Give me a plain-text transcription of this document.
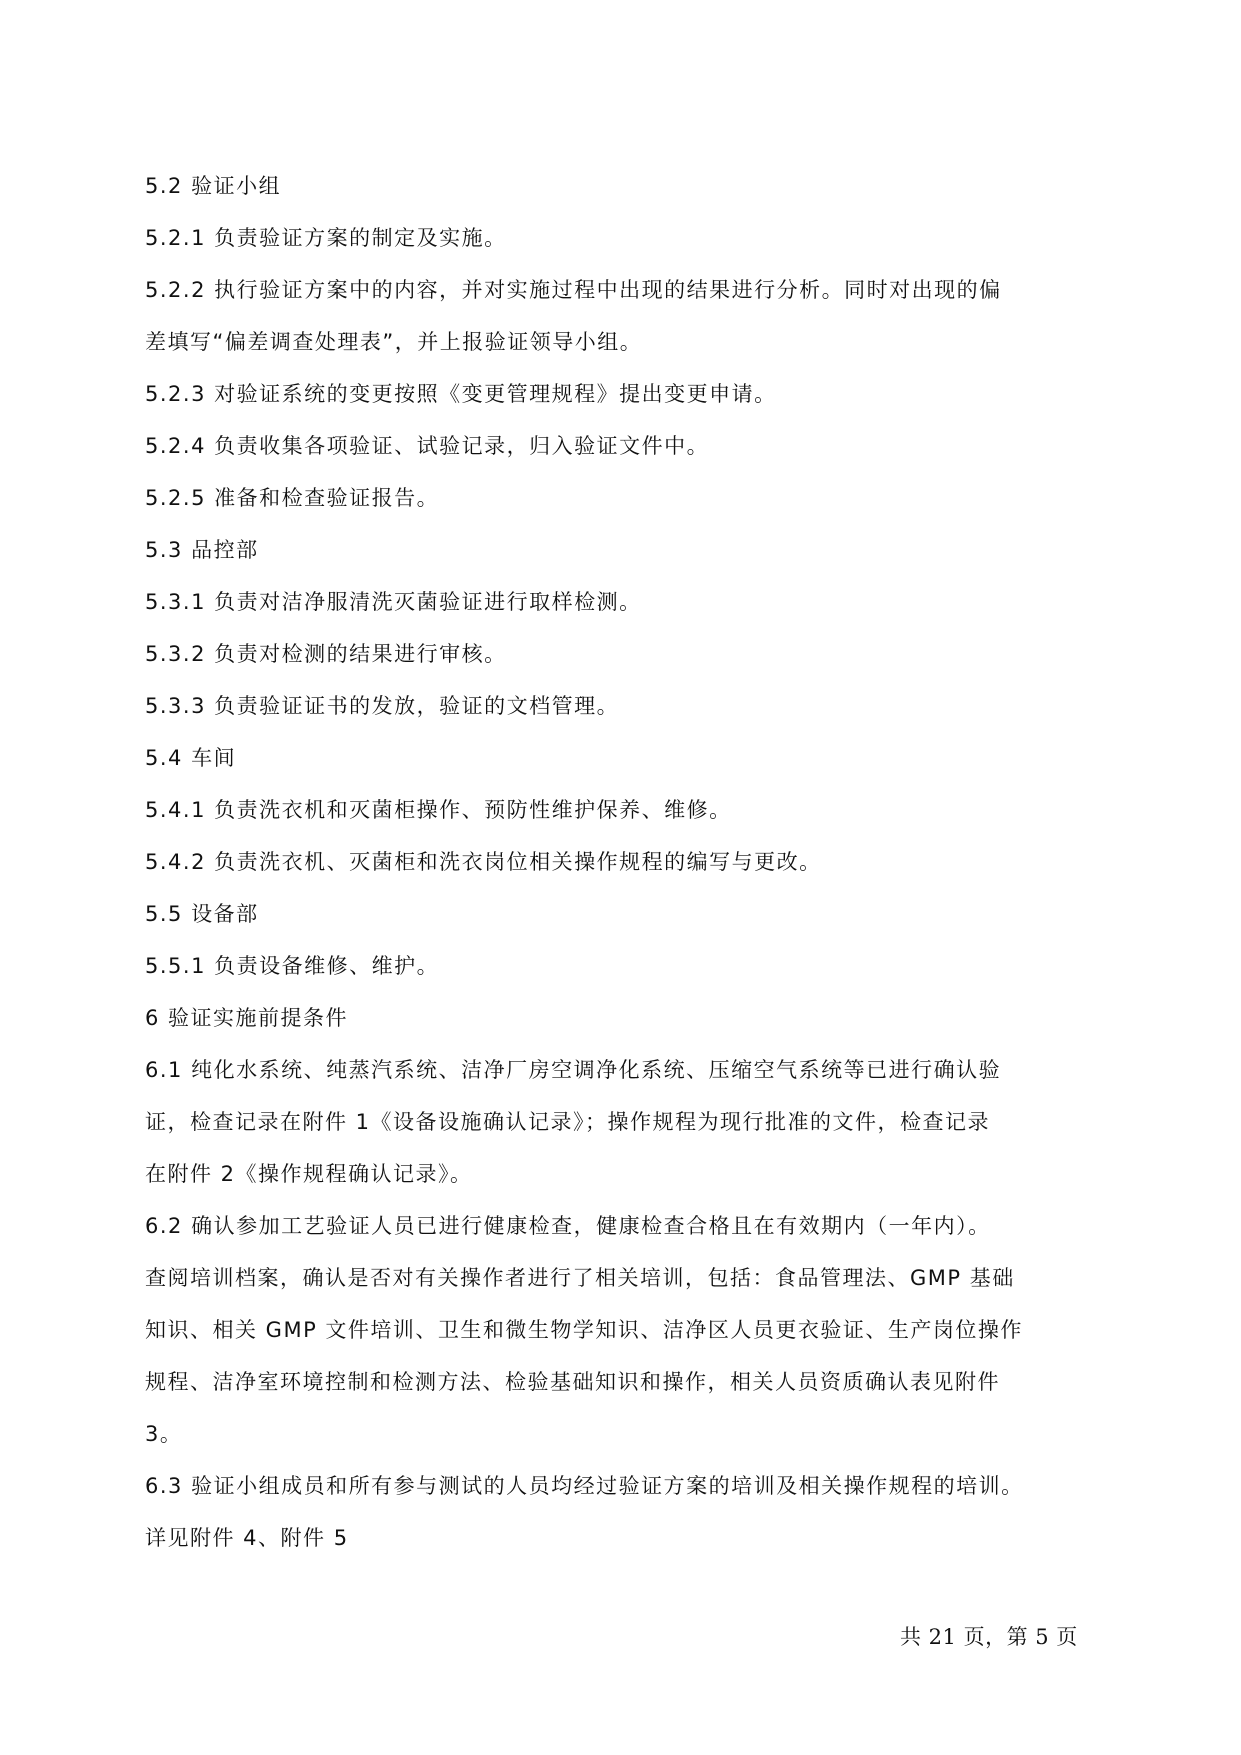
5.2 验证小组
5.2.1 负责验证方案的制定及实施。
5.2.2 执行验证方案中的内容，并对实施过程中出现的结果进行分析。同时对出现的偏
差填写“偏差调查处理表”，并上报验证领导小组。
5.2.3 对验证系统的变更按照《变更管理规程》提出变更申请。
5.2.4 负责收集各项验证、试验记录，归入验证文件中。
5.2.5 准备和检查验证报告。
5.3 品控部
5.3.1 负责对洁净服清洗灭菌验证进行取样检测。
5.3.2 负责对检测的结果进行审核。
5.3.3 负责验证证书的发放，验证的文档管理。
5.4 车间
5.4.1 负责洗衣机和灭菌柜操作、预防性维护保养、维修。
5.4.2 负责洗衣机、灭菌柜和洗衣岗位相关操作规程的编写与更改。
5.5 设备部
5.5.1 负责设备维修、维护。
6 验证实施前提条件
6.1 纯化水系统、纯蒸汽系统、洁净厂房空调净化系统、压缩空气系统等已进行确认验
证，检查记录在附件 1《设备设施确认记录》；操作规程为现行批准的文件，检查记录
在附件 2《操作规程确认记录》。
6.2 确认参加工艺验证人员已进行健康检查，健康检查合格且在有效期内（一年内）。
查阅培训档案，确认是否对有关操作者进行了相关培训，包括：食品管理法、GMP 基础
知识、相关 GMP 文件培训、卫生和微生物学知识、洁净区人员更衣验证、生产岗位操作
规程、洁净室环境控制和检测方法、检验基础知识和操作，相关人员资质确认表见附件
3。
6.3 验证小组成员和所有参与测试的人员均经过验证方案的培训及相关操作规程的培训。
详见附件 4、附件 5
共 21 页，第 5 页
